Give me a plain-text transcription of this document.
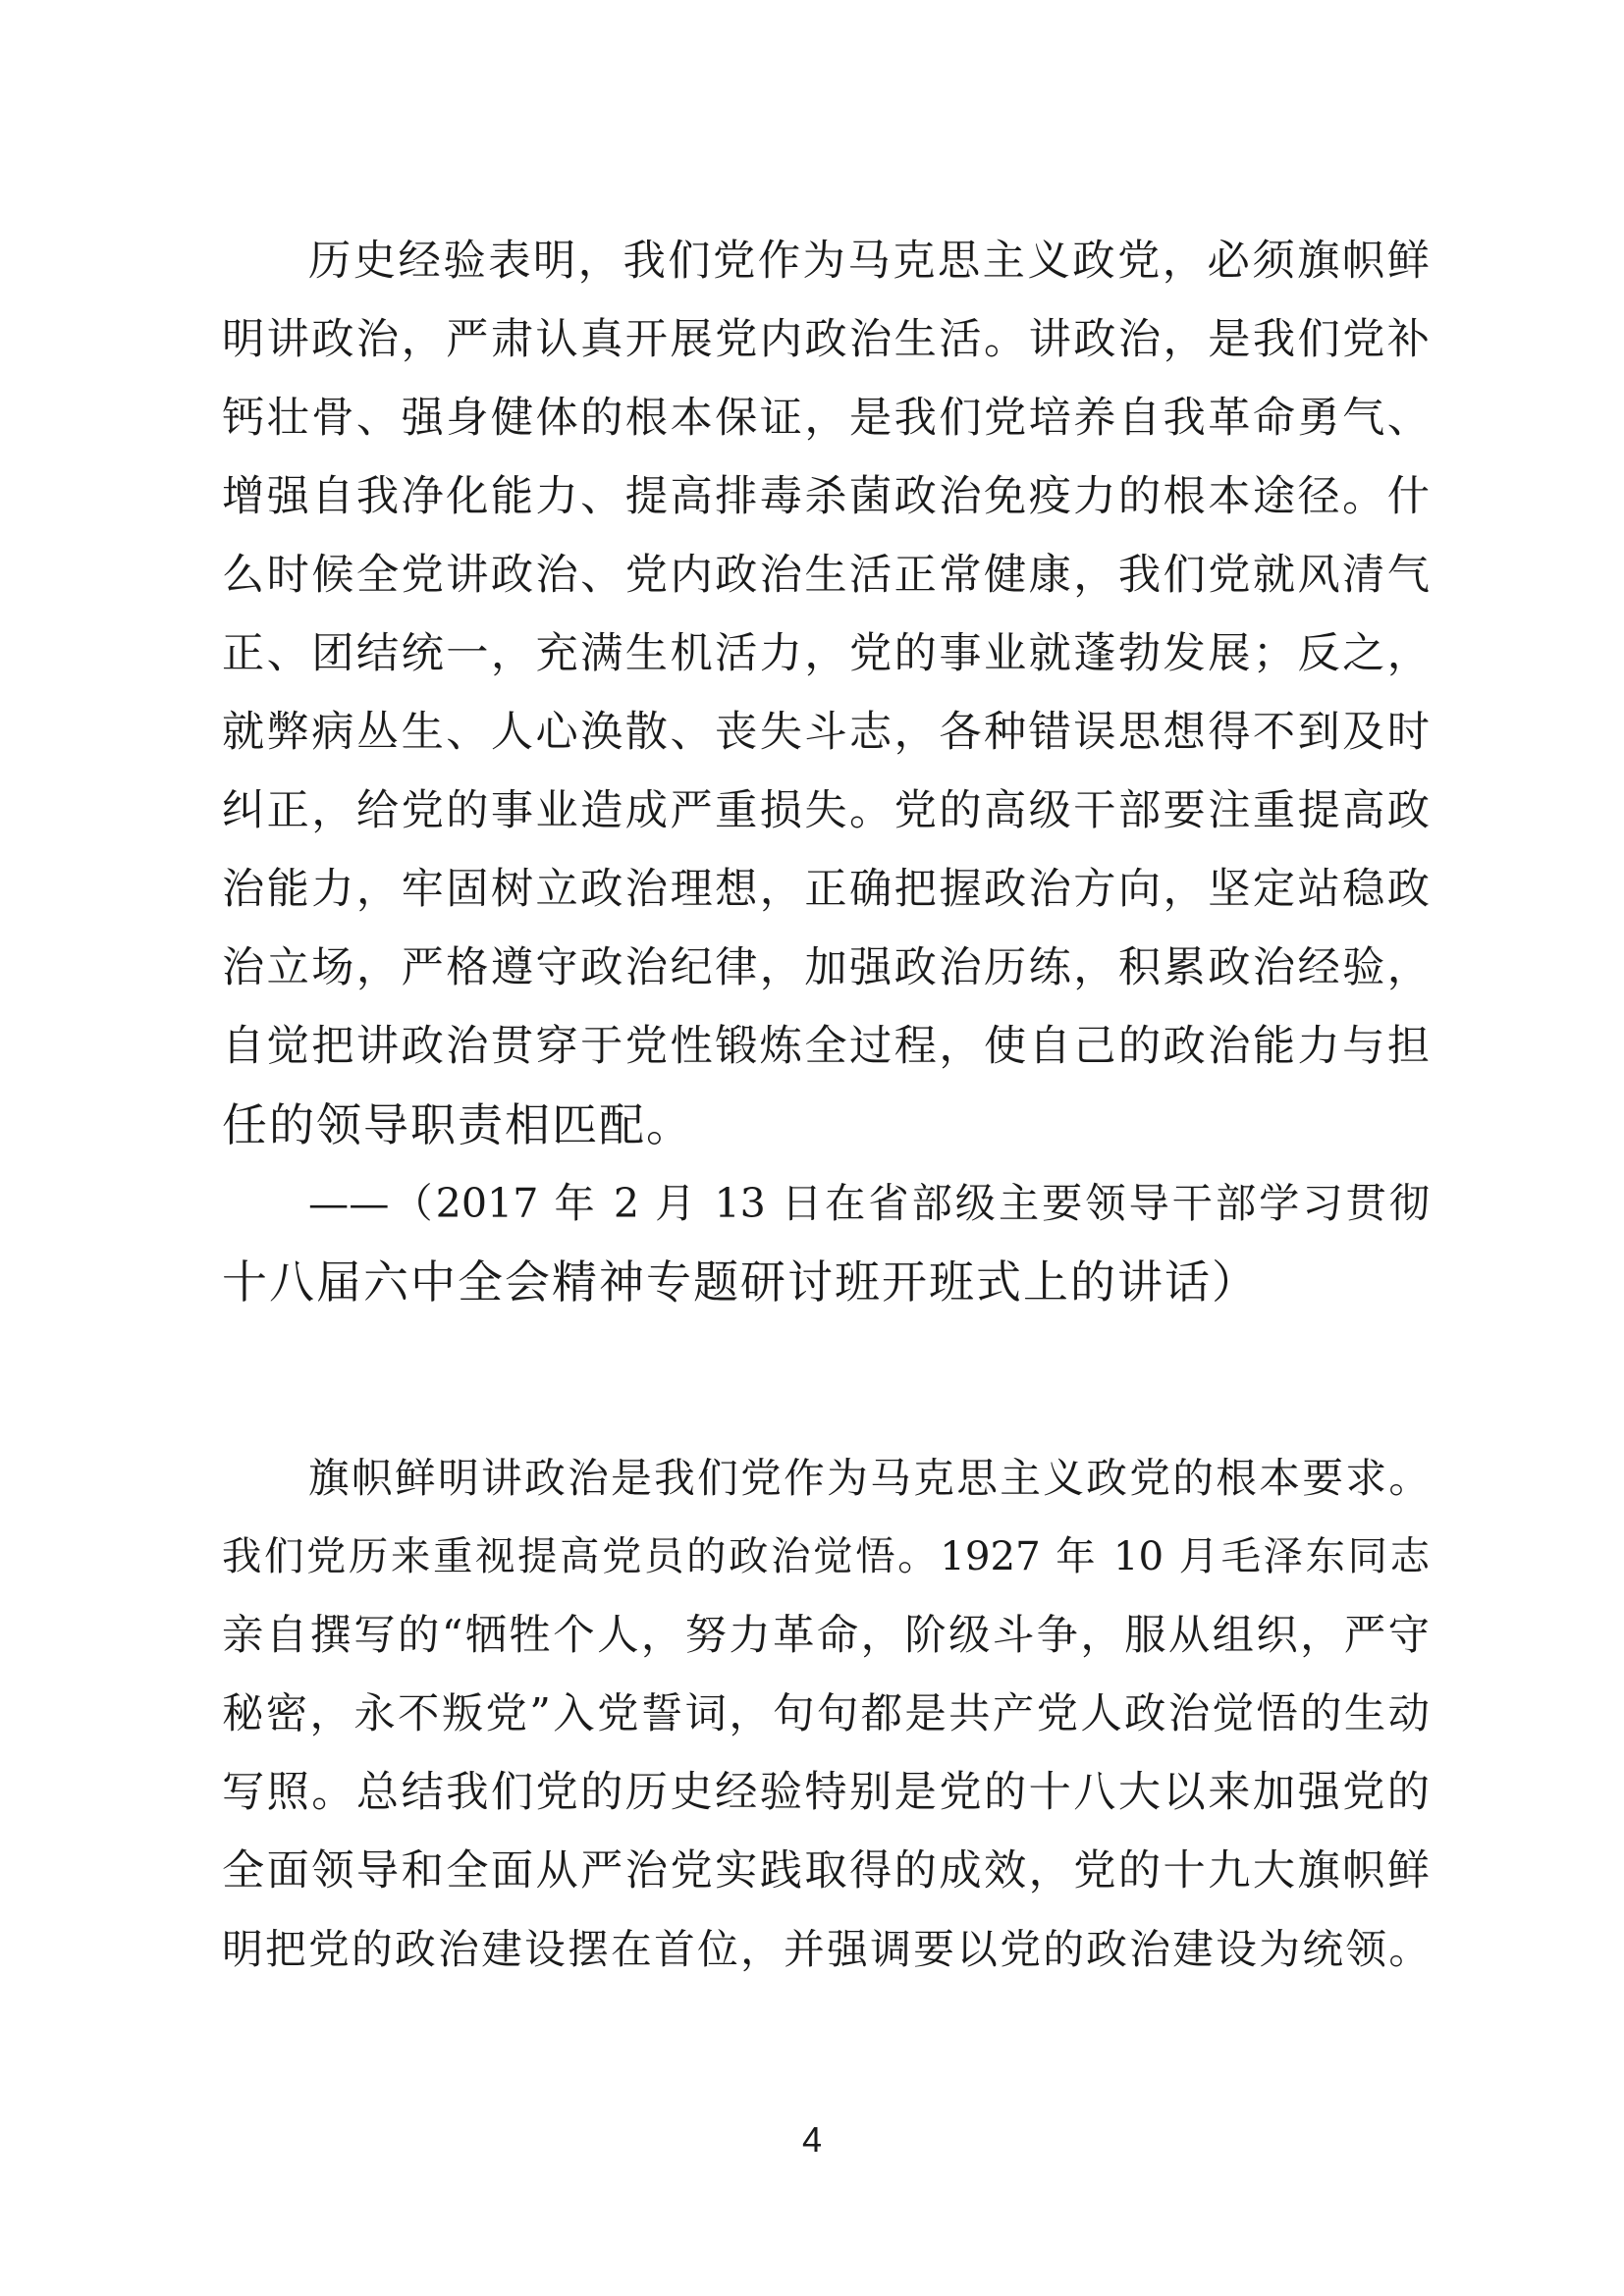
历史经验表明，我们党作为马克思主义政党，必须旗帜鲜
明讲政治，严肃认真开展党内政治生活。讲政治，是我们党补
钙壮骨、强身健体的根本保证，是我们党培养自我革命勇气、
增强自我净化能力、提高排毒杀菌政治免疫力的根本途径。什
么时候全党讲政治、党内政治生活正常健康，我们党就风清气
正、团结统一，充满生机活力，党的事业就蓬勃发展；反之，
就弊病丛生、人心涣散、丧失斗志，各种错误思想得不到及时
纠正，给党的事业造成严重损失。党的高级干部要注重提高政
治能力，牢固树立政治理想，正确把握政治方向，坚定站稳政
治立场，严格遵守政治纪律，加强政治历练，积累政治经验，
自觉把讲政治贯穿于党性锻炼全过程，使自己的政治能力与担
任的领导职责相匹配。
——（2017 年 2 月 13 日在省部级主要领导干部学习贯彻
十八届六中全会精神专题研讨班开班式上的讲话）
旗帜鲜明讲政治是我们党作为马克思主义政党的根本要求。
我们党历来重视提高党员的政治觉悟。1927 年 10 月毛泽东同志
亲自撰写的“牺牲个人，努力革命，阶级斗争，服从组织，严守
秘密，永不叛党”入党誓词，句句都是共产党人政治觉悟的生动
写照。总结我们党的历史经验特别是党的十八大以来加强党的
全面领导和全面从严治党实践取得的成效，党的十九大旗帜鲜
明把党的政治建设摆在首位，并强调要以党的政治建设为统领。
4
